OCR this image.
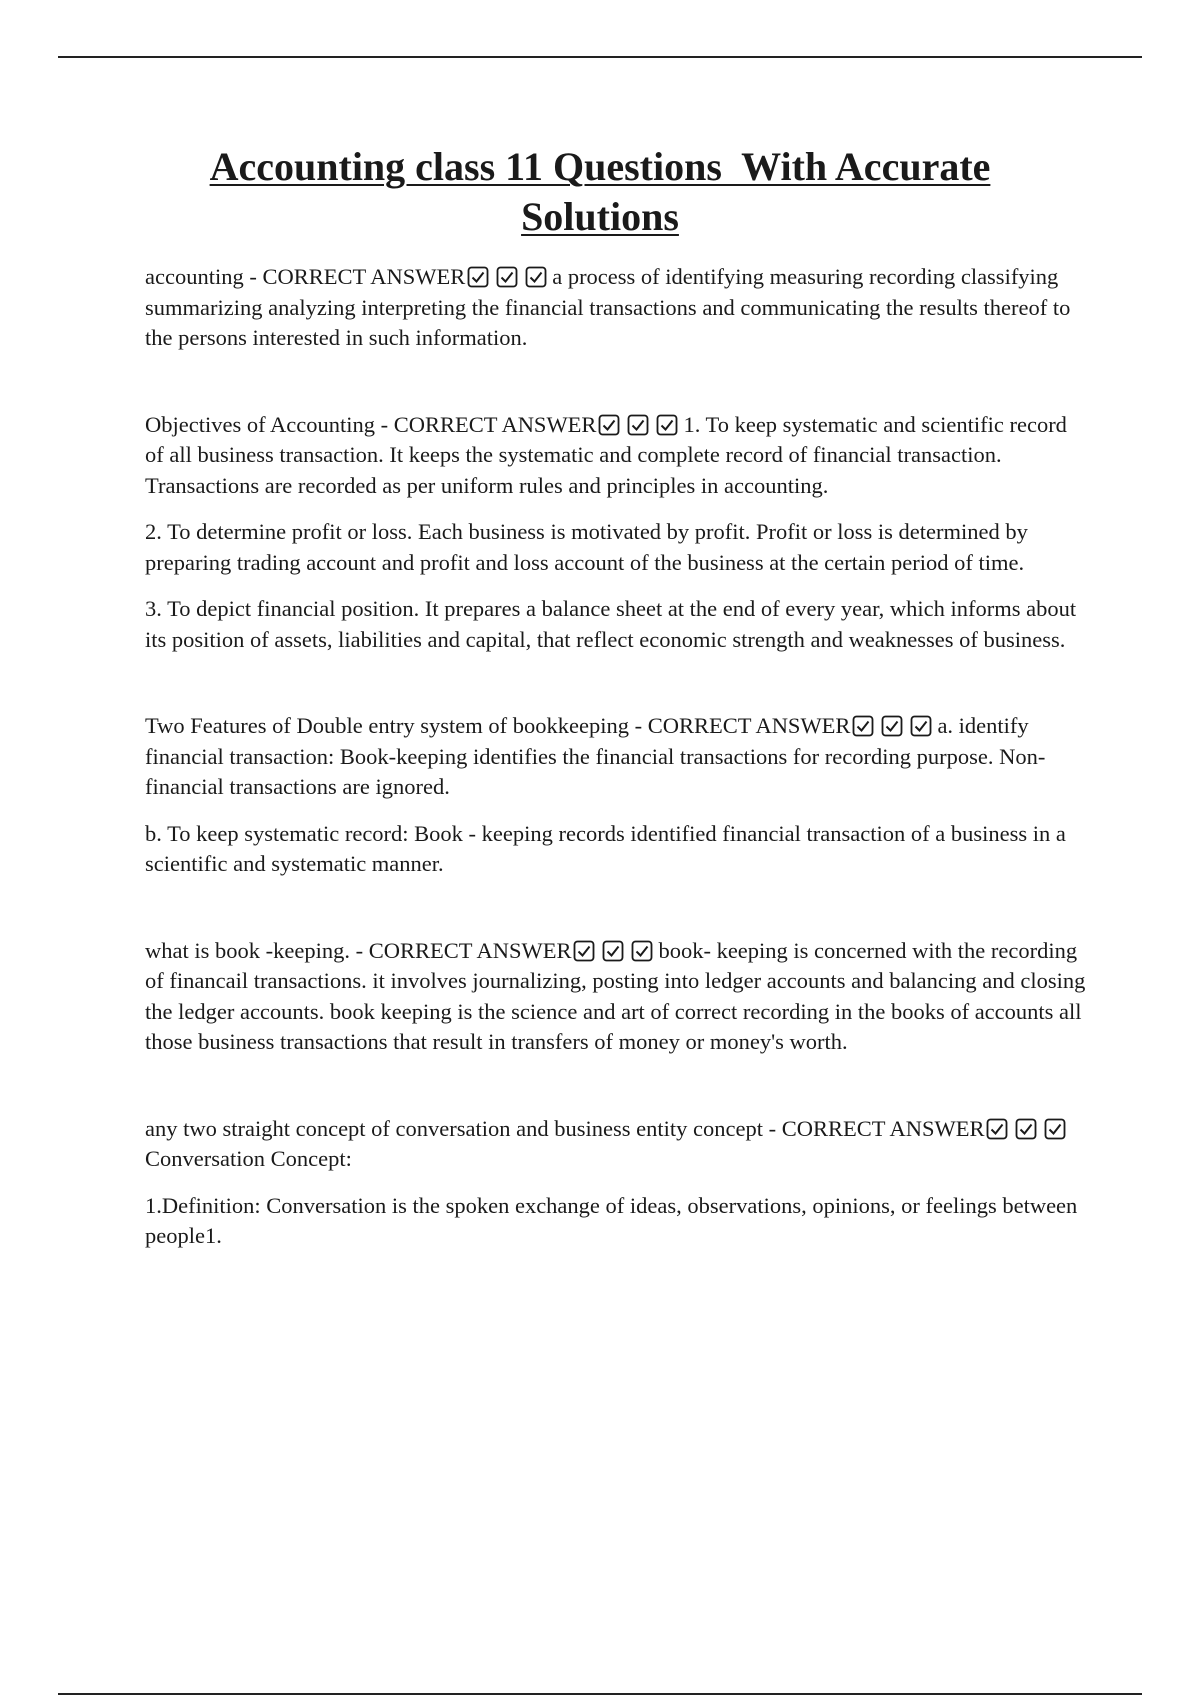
Accounting class 11 Questions  With Accurate
Solutions

accounting - CORRECT ANSWER	a process of identifying measuring recording classifying summarizing analyzing interpreting the financial transactions and communicating the results thereof to the persons interested in such information.

Objectives of Accounting - CORRECT ANSWER	1. To keep systematic and scientific record of all business transaction. It keeps the systematic and complete record of financial transaction. Transactions are recorded as per uniform rules and principles in accounting.

2. To determine profit or loss. Each business is motivated by profit. Profit or loss is determined by preparing trading account and profit and loss account of the business at the certain period of time.

3. To depict financial position. It prepares a balance sheet at the end of every year, which informs about its position of assets, liabilities and capital, that reflect economic strength and weaknesses of business.

Two Features of Double entry system of bookkeeping - CORRECT ANSWER	a. identify financial transaction: Book-keeping identifies the financial transactions for recording purpose. Non- financial transactions are ignored.

b. To keep systematic record: Book - keeping records identified financial transaction of a business in a scientific and systematic manner.

what is book -keeping. - CORRECT ANSWER	book- keeping is concerned with the recording of financail transactions. it involves journalizing, posting into ledger accounts and balancing and closing the ledger accounts. book keeping is the science and art of correct recording in the books of accounts all those business transactions that result in transfers of money or money's worth.

any two straight concept of conversation and business entity concept - CORRECT ANSWER
Conversation Concept:

1.Definition: Conversation is the spoken exchange of ideas, observations, opinions, or feelings between people1.
